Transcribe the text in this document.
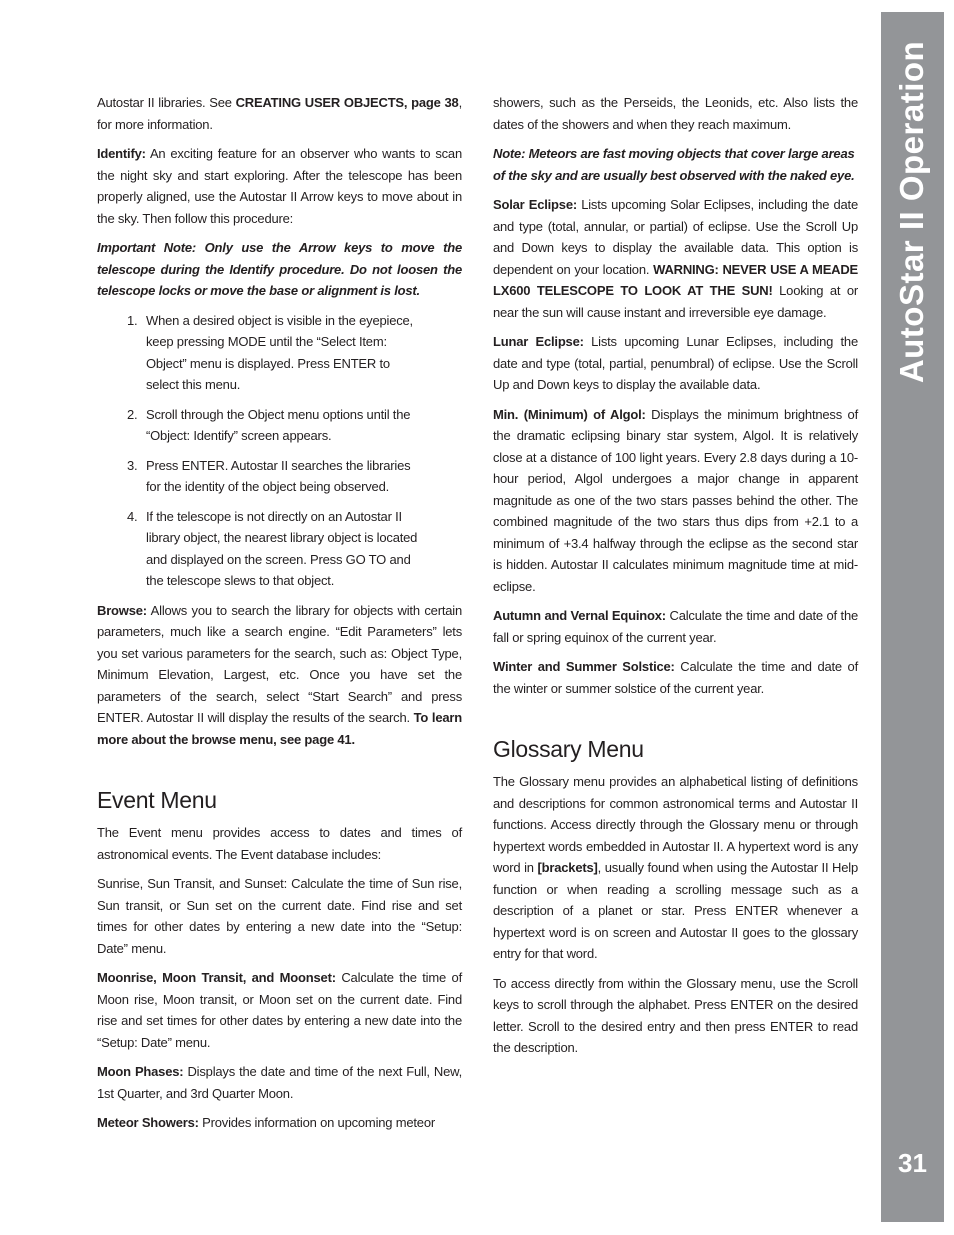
Autostar II libraries. See CREATING USER OBJECTS, page 38, for more information.

Identify: An exciting feature for an observer who wants to scan the night sky and start exploring. After the telescope has been properly aligned, use the Autostar II Arrow keys to move about in the sky. Then follow this procedure:

Important Note: Only use the Arrow keys to move the telescope during the Identify procedure. Do not loosen the telescope locks or move the base or alignment is lost.

1. When a desired object is visible in the eyepiece, keep pressing MODE until the “Select Item: Object” menu is displayed. Press ENTER to select this menu.
2. Scroll through the Object menu options until the “Object: Identify” screen appears.
3. Press ENTER. Autostar II searches the libraries for the identity of the object being observed.
4. If the telescope is not directly on an Autostar II library object, the nearest library object is located and displayed on the screen. Press GO TO and the telescope slews to that object.

Browse: Allows you to search the library for objects with certain parameters, much like a search engine. “Edit Parameters” lets you set various parameters for the search, such as: Object Type, Minimum Elevation, Largest, etc. Once you have set the parameters of the search, select “Start Search” and press ENTER. Autostar II will display the results of the search. To learn more about the browse menu, see page 41.

Event Menu

The Event menu provides access to dates and times of astronomical events. The Event database includes:

Sunrise, Sun Transit, and Sunset: Calculate the time of Sun rise, Sun transit, or Sun set on the current date. Find rise and set times for other dates by entering a new date into the “Setup: Date” menu.

Moonrise, Moon Transit, and Moonset: Calculate the time of Moon rise, Moon transit, or Moon set on the current date. Find rise and set times for other dates by entering a new date into the “Setup: Date” menu.

Moon Phases: Displays the date and time of the next Full, New, 1st Quarter, and 3rd Quarter Moon.

Meteor Showers: Provides information on upcoming meteor

showers, such as the Perseids, the Leonids, etc. Also lists the dates of the showers and when they reach maximum.

Note: Meteors are fast moving objects that cover large areas of the sky and are usually best observed with the naked eye.

Solar Eclipse: Lists upcoming Solar Eclipses, including the date and type (total, annular, or partial) of eclipse. Use the Scroll Up and Down keys to display the available data. This option is dependent on your location. WARNING: NEVER USE A MEADE LX600 TELESCOPE TO LOOK AT THE SUN! Looking at or near the sun will cause instant and irreversible eye damage.

Lunar Eclipse: Lists upcoming Lunar Eclipses, including the date and type (total, partial, penumbral) of eclipse. Use the Scroll Up and Down keys to display the available data.

Min. (Minimum) of Algol: Displays the minimum brightness of the dramatic eclipsing binary star system, Algol. It is relatively close at a distance of 100 light years. Every 2.8 days during a 10-hour period, Algol undergoes a major change in apparent magnitude as one of the two stars passes behind the other. The combined magnitude of the two stars thus dips from +2.1 to a minimum of +3.4 halfway through the eclipse as the second star is hidden. Autostar II calculates minimum magnitude time at mid-eclipse.

Autumn and Vernal Equinox: Calculate the time and date of the fall or spring equinox of the current year.

Winter and Summer Solstice: Calculate the time and date of the winter or summer solstice of the current year.

Glossary Menu

The Glossary menu provides an alphabetical listing of definitions and descriptions for common astronomical terms and Autostar II functions. Access directly through the Glossary menu or through hypertext words embedded in Autostar II. A hypertext word is any word in [brackets], usually found when using the Autostar II Help function or when reading a scrolling message such as a description of a planet or star. Press ENTER whenever a hypertext word is on screen and Autostar II goes to the glossary entry for that word.

To access directly from within the Glossary menu, use the Scroll keys to scroll through the alphabet. Press ENTER on the desired letter. Scroll to the desired entry and then press ENTER to read the description.

AutoStar II Operation
31
